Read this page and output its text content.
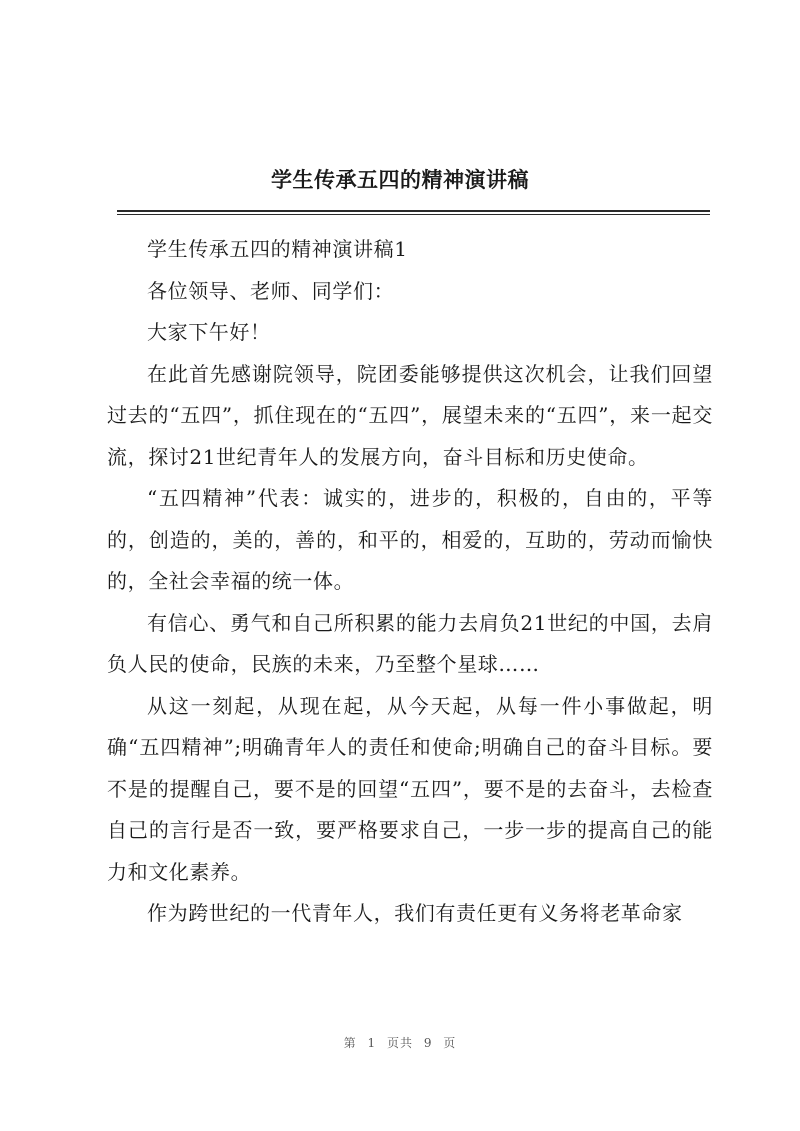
学生传承五四的精神演讲稿

学生传承五四的精神演讲稿1

各位领导、老师、同学们：

大家下午好！

在此首先感谢院领导，院团委能够提供这次机会，让我们回望过去的“五四”，抓住现在的“五四”，展望未来的“五四”，来一起交流，探讨21世纪青年人的发展方向，奋斗目标和历史使命。

“五四精神”代表：诚实的，进步的，积极的，自由的，平等的，创造的，美的，善的，和平的，相爱的，互助的，劳动而愉快的，全社会幸福的统一体。

有信心、勇气和自己所积累的能力去肩负21世纪的中国，去肩负人民的使命，民族的未来，乃至整个星球……

从这一刻起，从现在起，从今天起，从每一件小事做起，明确“五四精神”;明确青年人的责任和使命;明确自己的奋斗目标。要不是的提醒自己，要不是的回望“五四”，要不是的去奋斗，去检查自己的言行是否一致，要严格要求自己，一步一步的提高自己的能力和文化素养。

作为跨世纪的一代青年人，我们有责任更有义务将老革命家

第 1 页共 9 页
